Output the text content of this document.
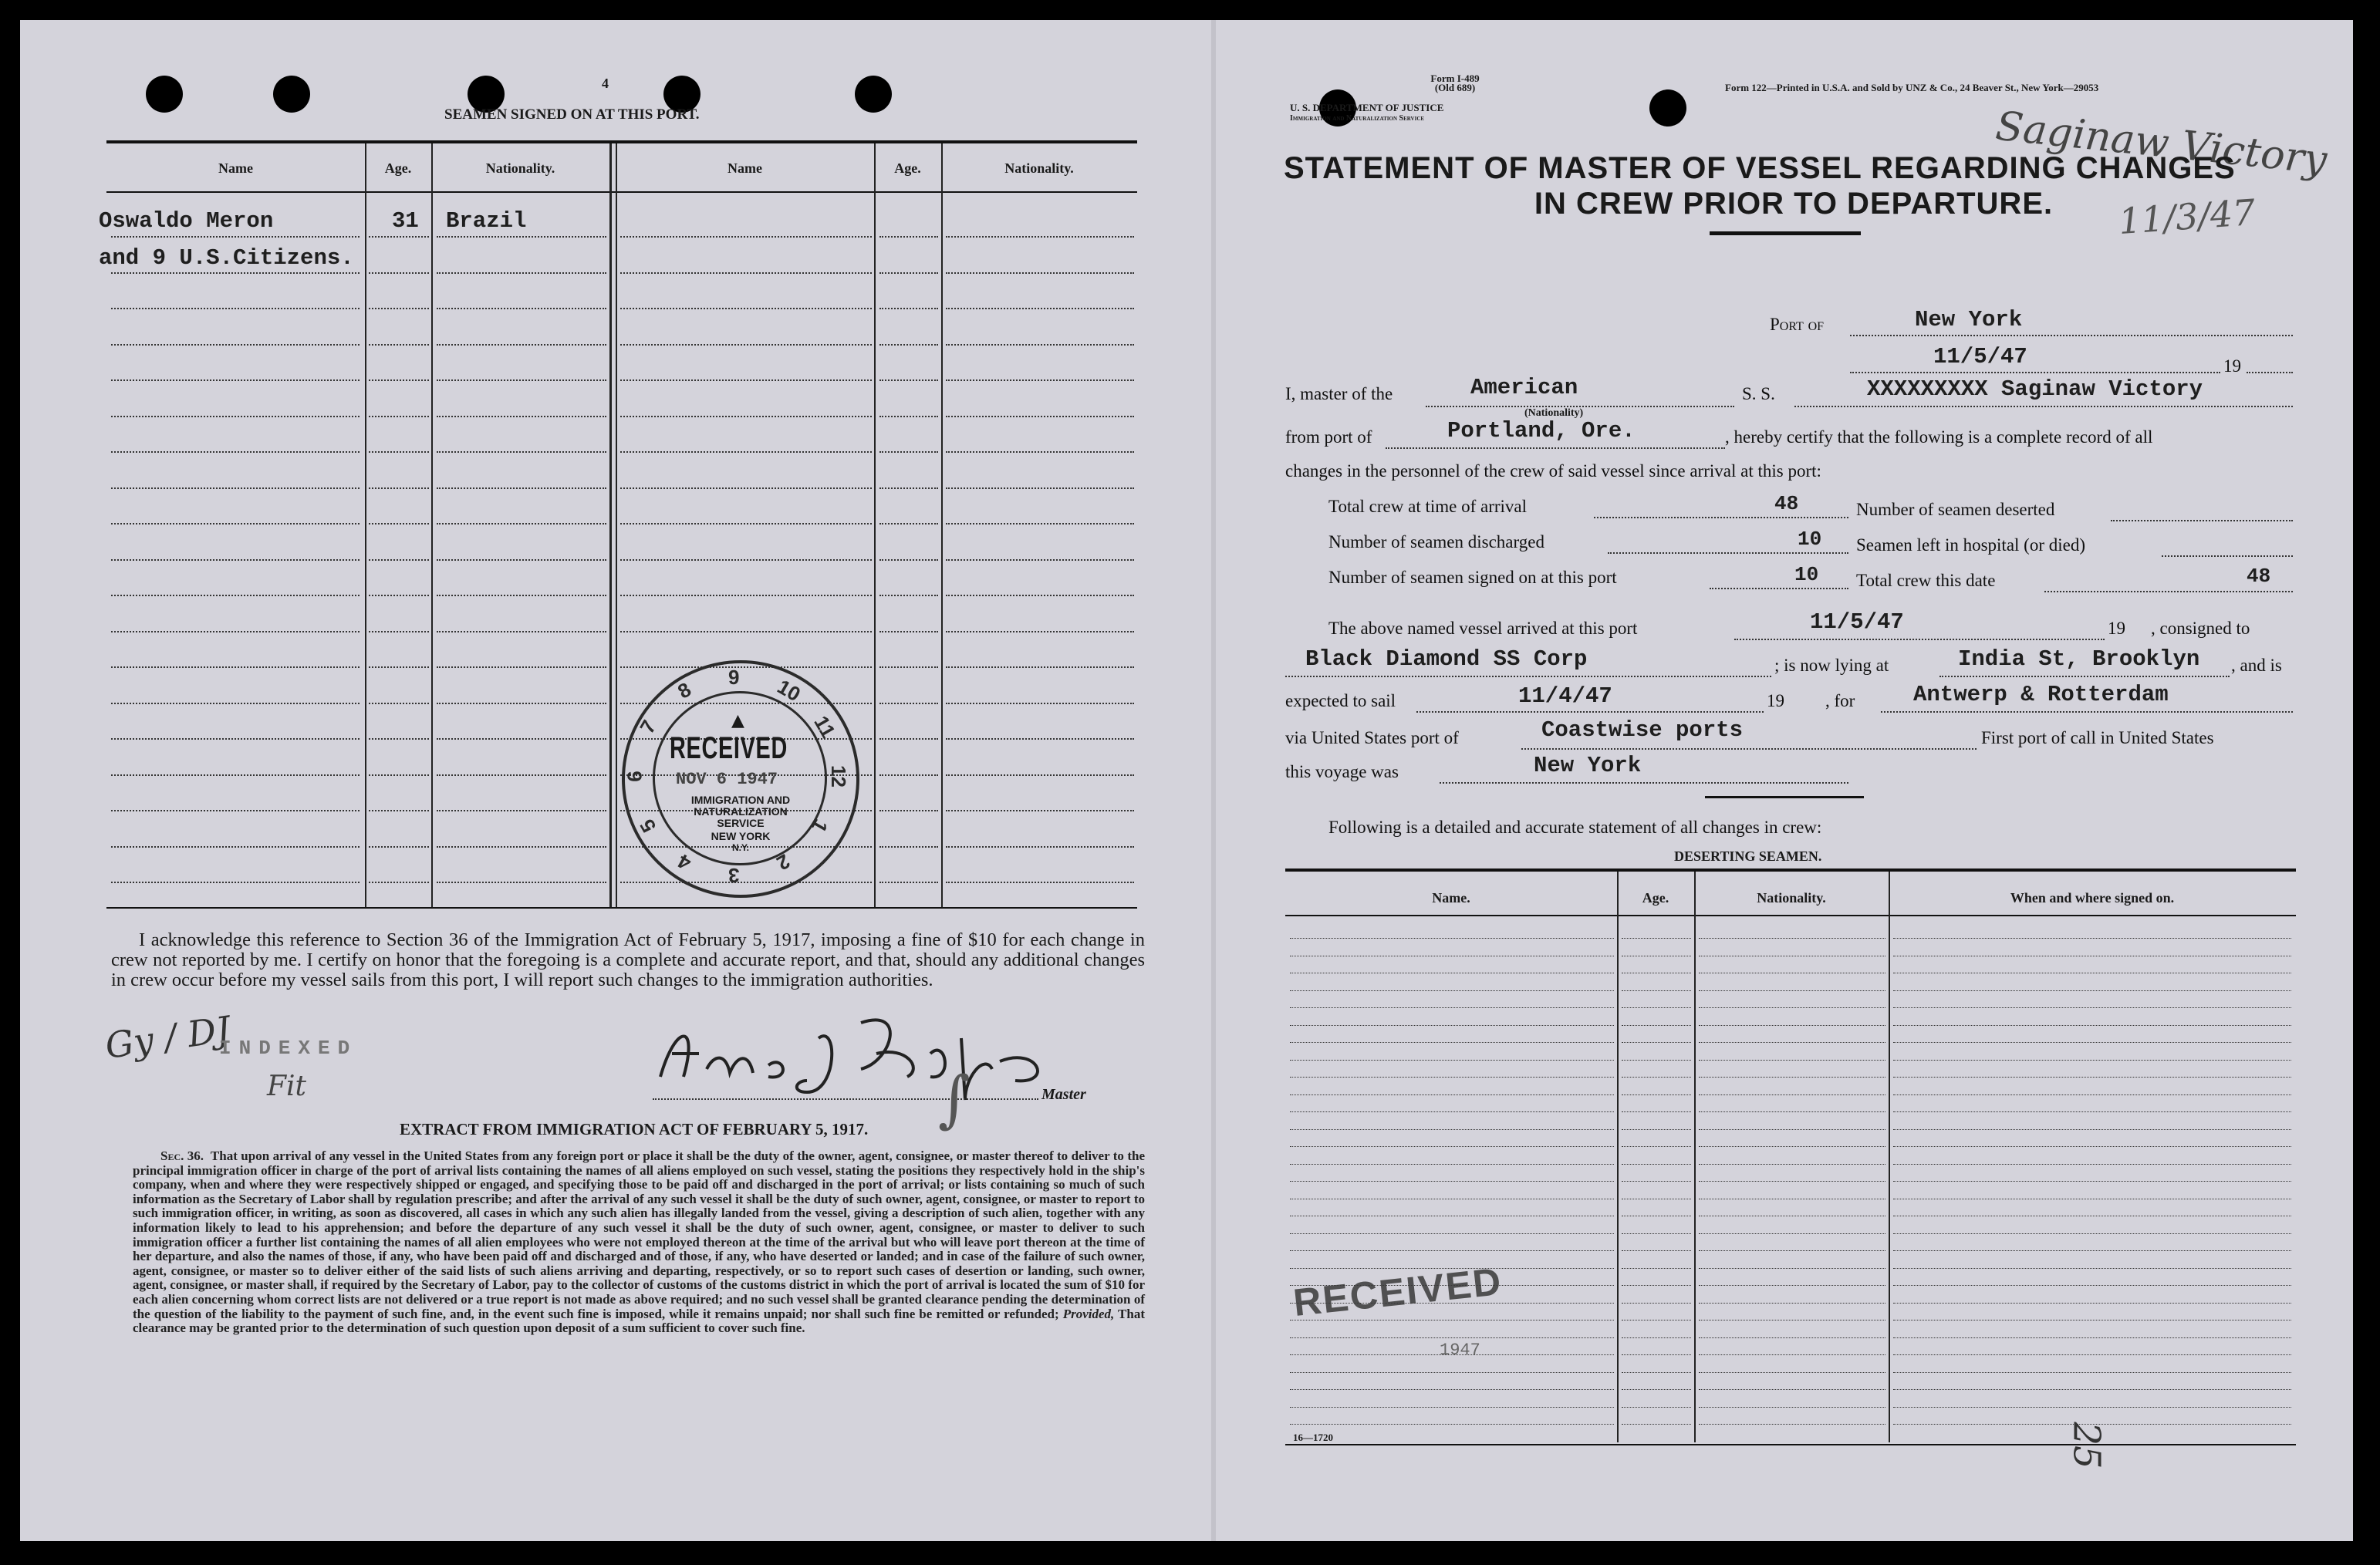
4
SEAMEN SIGNED ON AT THIS PORT.
Name	Age.	Nationality.	Name	Age.	Nationality.
Oswaldo Meron	31 Brazil
and 9 U.S.Citizens.
10
11
12
1
2
3
4
5
6
7
8
9
▲
RECEIVED
NOV 6 1947
IMMIGRATION AND NATURALIZATION SERVICE
NEW YORK
N.Y.
I acknowledge this reference to Section 36 of the Immigration Act of February 5, 1917, imposing a fine of $10 for each change in crew not reported by me. I certify on honor that the foregoing is a complete and accurate report, and that, should any additional changes in crew occur before my vessel sails from this port, I will report such changes to the immigration authorities.
Gy / DJ
INDEXED
Fit	Master
∫
EXTRACT FROM IMMIGRATION ACT OF FEBRUARY 5, 1917.
Sec. 36. That upon arrival of any vessel in the United States from any foreign port or place it shall be the duty of the owner, agent, consignee, or master thereof to deliver to the principal immigration officer in charge of the port of arrival lists containing the names of all aliens employed on such vessel, stating the positions they respectively hold in the ship's company, when and where they were respectively shipped or engaged, and specifying those to be paid off and discharged in the port of arrival; or lists containing so much of such information as the Secretary of Labor shall by regulation prescribe; and after the arrival of any such vessel it shall be the duty of such owner, agent, consignee, or master to report to such immigration officer, in writing, as soon as discovered, all cases in which any such alien has illegally landed from the vessel, giving a description of such alien, together with any information likely to lead to his apprehension; and before the departure of any such vessel it shall be the duty of such owner, agent, consignee, or master to deliver to such immigration officer a further list containing the names of all alien employees who were not employed thereon at the time of the arrival but who will leave port thereon at the time of her departure, and also the names of those, if any, who have been paid off and discharged and of those, if any, who have deserted or landed; and in case of the failure of such owner, agent, consignee, or master so to deliver either of the said lists of such aliens arriving and departing, respectively, or so to report such cases of desertion or landing, such owner, agent, consignee, or master shall, if required by the Secretary of Labor, pay to the collector of customs of the customs district in which the port of arrival is located the sum of $10 for each alien concerning whom correct lists are not delivered or a true report is not made as above required; and no such vessel shall be granted clearance pending the determination of the question of the liability to the payment of such fine, and, in the event such fine is imposed, while it remains unpaid; nor shall such fine be remitted or refunded; Provided, That clearance may be granted prior to the determination of such question upon deposit of a sum sufficient to cover such fine.
Form I-489
(Old 689)
U. S. DEPARTMENT OF JUSTICE
Immigration and Naturalization Service
Form 122—Printed in U.S.A. and Sold by UNZ & Co., 24 Beaver St., New York—29053
Saginaw Victory
11/3/47
STATEMENT OF MASTER OF VESSEL REGARDING CHANGES
IN CREW PRIOR TO DEPARTURE.
Port of	New York
11/5/47	19
I, master of the	American
(Nationality)
S. S.	XXXXXXXXX Saginaw Victory
from port of	Portland, Ore.	, hereby certify that the following is a complete record of all
changes in the personnel of the crew of said vessel since arrival at this port:
Total crew at time of arrival	48	Number of seamen deserted
Number of seamen discharged	10 Seamen left in hospital (or died)
Number of seamen signed on at this port	10 Total crew this date	48
The above named vessel arrived at this port	11/5/47	19 , consigned to
Black Diamond SS Corp	; is now lying at	India St, Brooklyn , and is
expected to sail	11/4/47	19 , for	Antwerp & Rotterdam
via United States port of	Coastwise ports	First port of call in United States
this voyage was	New York
Following is a detailed and accurate statement of all changes in crew:
DESERTING SEAMEN.
Name.	Age.	Nationality.	When and where signed on.
RECEIVED
1947
16—1720	25
